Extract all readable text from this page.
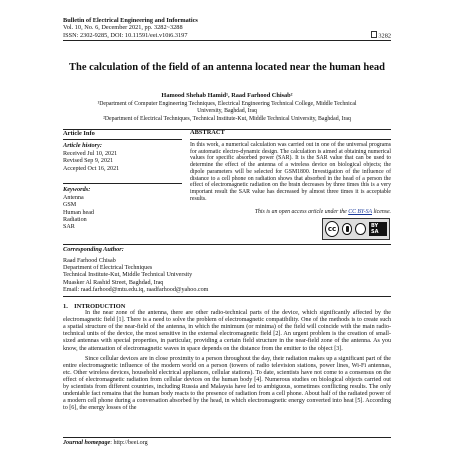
Bulletin of Electrical Engineering and Informatics
Vol. 10, No. 6, December 2021, pp. 3282~3288
ISSN: 2302-9285, DOI: 10.11591/eei.v10i6.3197	3282
The calculation of the field of an antenna located near the human head
Hamood Shehab Hamid¹, Raad Farhood Chisab²
¹Department of Computer Engineering Techniques, Electrical Engineering Technical College, Middle Technical
University, Baghdad, Iraq
²Department of Electrical Techniques, Technical Institute-Kut, Middle Technical University, Baghdad, Iraq
Article Info	ABSTRACT
Article history:
Received Jul 10, 2021
Revised Sep 9, 2021
Accepted Oct 16, 2021
Keywords:
Antenna
GSM
Human head
Radiation
SAR
In this work, a numerical calculation was carried out in one of the universal programs for automatic electro-dynamic design. The calculation is aimed at obtaining numerical values for specific absorbed power (SAR). It is the SAR value that can be used to determine the effect of the antenna of a wireless device on biological objects; the dipole parameters will be selected for GSM1800. Investigation of the influence of distance to a cell phone on radiation shows that absorbed in the head of a person the effect of electromagnetic radiation on the brain decreases by three times this is a very important result the SAR value has decreased by almost three times it is acceptable results.
This is an open access article under the CC BY-SA license.
cc	BY SA
Corresponding Author:
Raad Farhood Chisab
Department of Electrical Techniques
Technical Institute-Kut, Middle Technical University
Muasker Al Rashid Street, Baghdad, Iraq
Email: raad.farhood@mtu.edu.iq, raadfarhood@yahoo.com
1.    INTRODUCTION
In the near zone of the antenna, there are other radio-technical parts of the device, which significantly affected by the electromagnetic field [1]. There is a need to solve the problem of electromagnetic compatibility. One of the methods is to create such a spatial structure of the near-field of the antenna, in which the minimum (or minima) of the field will coincide with the main radio-technical units of the device, the most sensitive in the external electromagnetic field [2]. An urgent problem is the creation of small-sized antennas with special properties, in particular, providing a certain field structure in the near-field zone of the antenna. As you know, the attenuation of electromagnetic waves in space depends on the distance from the emitter to the object [3].
Since cellular devices are in close proximity to a person throughout the day, their radiation makes up a significant part of the entire electromagnetic influence of the modern world on a person (towers of radio television stations, power lines, Wi-Fi antennas, etc. Other wireless devices, household electrical appliances, cellular stations). To date, scientists have not come to a consensus on the effect of electromagnetic radiation from cellular devices on the human body [4]. Numerous studies on biological objects carried out by scientists from different countries, including Russia and Malaysia have led to ambiguous, sometimes conflicting results. The only undeniable fact remains that the human body reacts to the presence of radiation from a cell phone. About half of the radiated power of a modern cell phone during a conversation absorbed by the head, in which electromagnetic energy converted into heat [5]. According to [6], the energy losses of the
Journal homepage: http://beei.org
